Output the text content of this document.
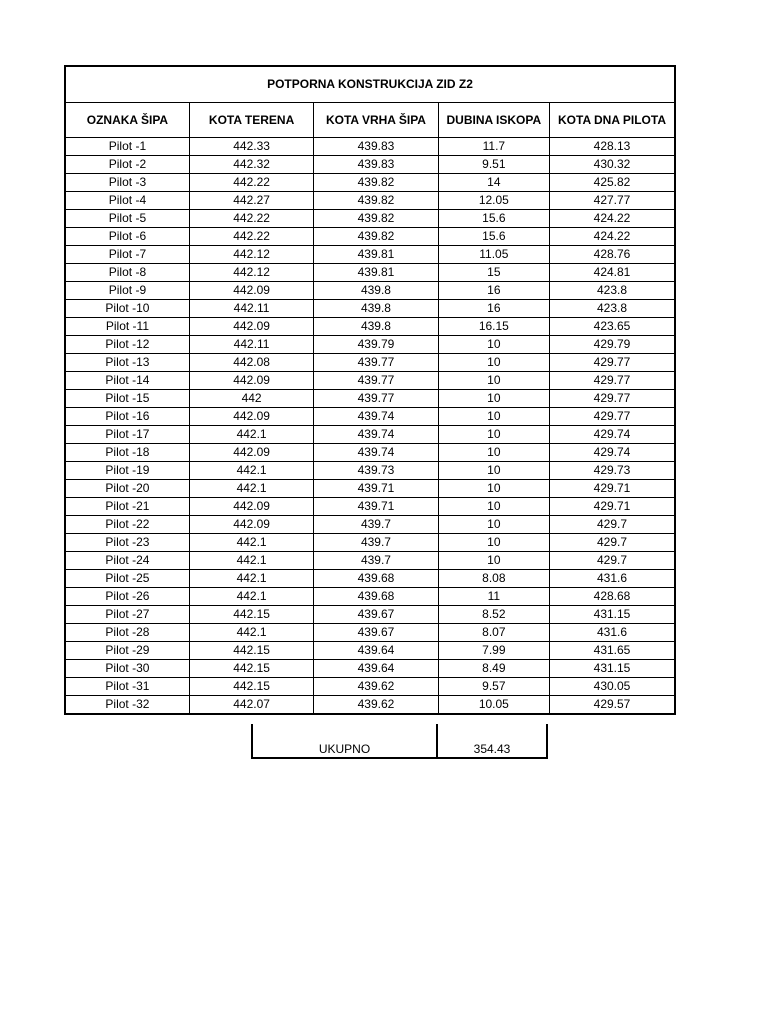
POTPORNA KONSTRUKCIJA ZID Z2				
OZNAKA ŠIPA	KOTA TERENA	KOTA VRHA ŠIPA	DUBINA ISKOPA	KOTA DNA PILOTA
Pilot -1	442.33	439.83	11.7	428.13
Pilot -2	442.32	439.83	9.51	430.32
Pilot -3	442.22	439.82	14	425.82
Pilot -4	442.27	439.82	12.05	427.77
Pilot -5	442.22	439.82	15.6	424.22
Pilot -6	442.22	439.82	15.6	424.22
Pilot -7	442.12	439.81	11.05	428.76
Pilot -8	442.12	439.81	15	424.81
Pilot -9	442.09	439.8	16	423.8
Pilot -10	442.11	439.8	16	423.8
Pilot -11	442.09	439.8	16.15	423.65
Pilot -12	442.11	439.79	10	429.79
Pilot -13	442.08	439.77	10	429.77
Pilot -14	442.09	439.77	10	429.77
Pilot -15	442	439.77	10	429.77
Pilot -16	442.09	439.74	10	429.77
Pilot -17	442.1	439.74	10	429.74
Pilot -18	442.09	439.74	10	429.74
Pilot -19	442.1	439.73	10	429.73
Pilot -20	442.1	439.71	10	429.71
Pilot -21	442.09	439.71	10	429.71
Pilot -22	442.09	439.7	10	429.7
Pilot -23	442.1	439.7	10	429.7
Pilot -24	442.1	439.7	10	429.7
Pilot -25	442.1	439.68	8.08	431.6
Pilot -26	442.1	439.68	11	428.68
Pilot -27	442.15	439.67	8.52	431.15
Pilot -28	442.1	439.67	8.07	431.6
Pilot -29	442.15	439.64	7.99	431.65
Pilot -30	442.15	439.64	8.49	431.15
Pilot -31	442.15	439.62	9.57	430.05
Pilot -32	442.07	439.62	10.05	429.57
UKUPNO	354.43
